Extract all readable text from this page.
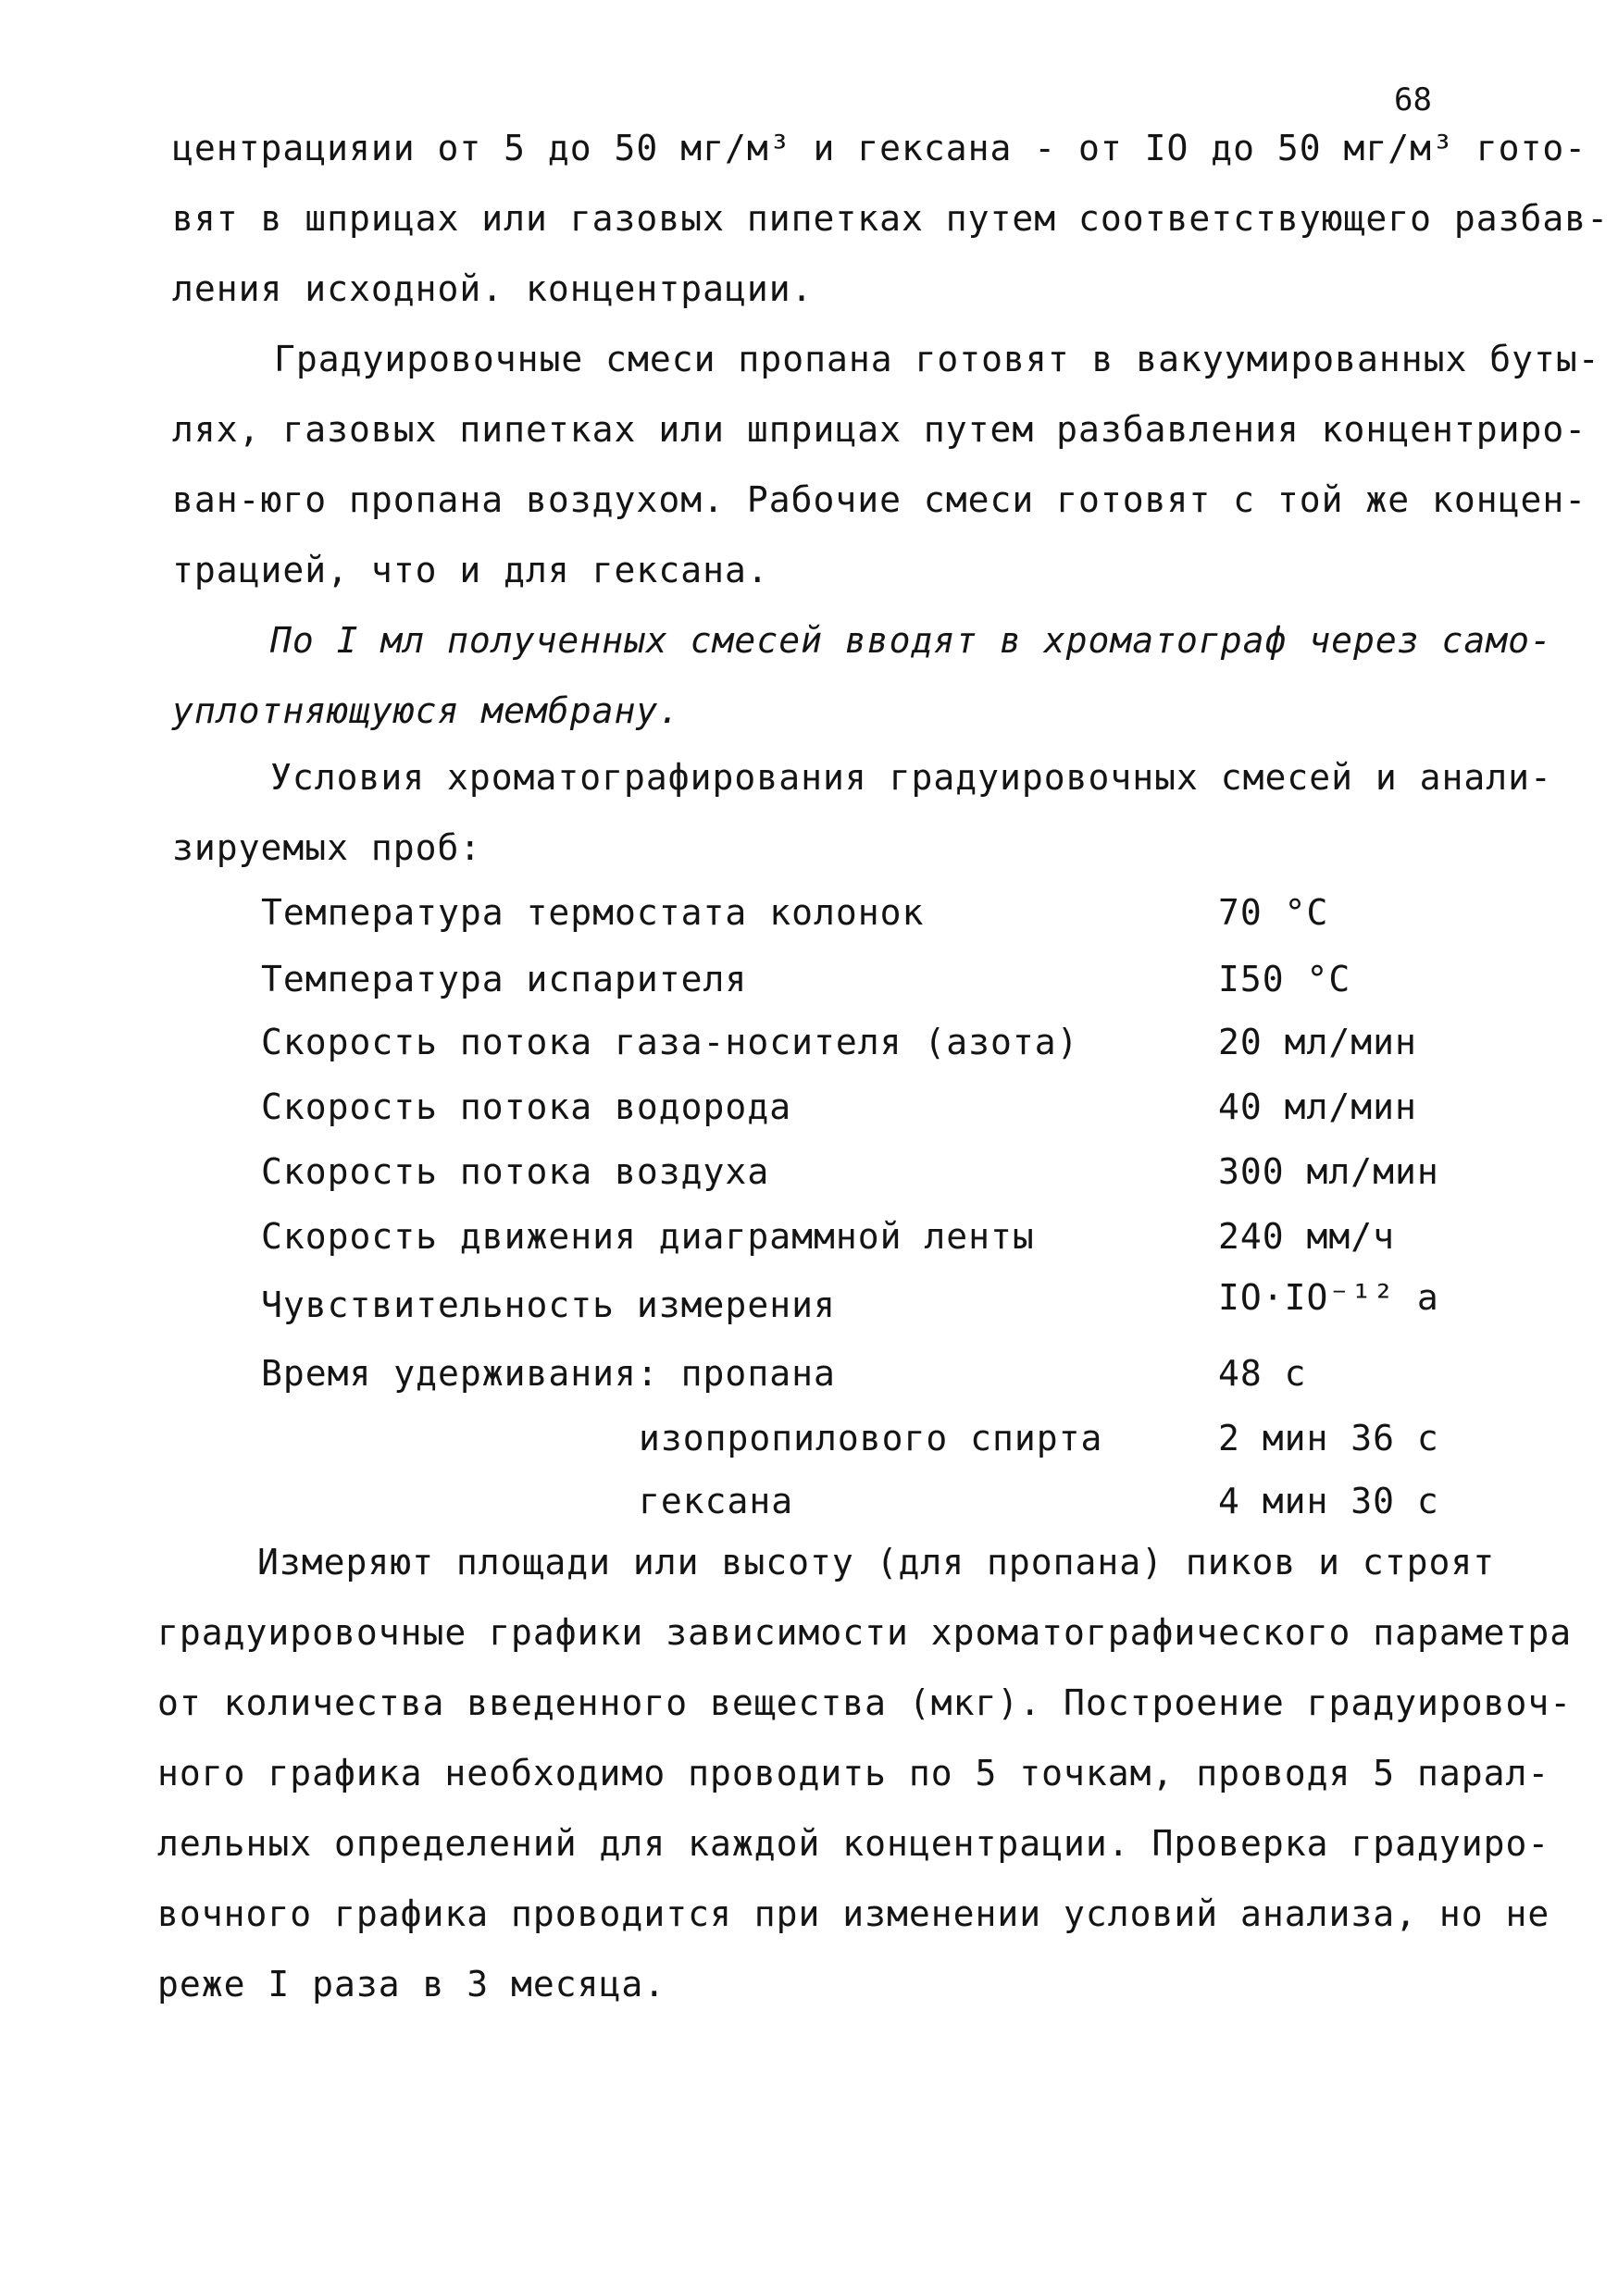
68
центрацияии от 5 до 50 мг/м³ и гексана - от IO до 50 мг/м³ гото-
вят в шприцах или газовых пипетках путем соответствующего разбав-
ления исходной. концентрации.
Градуировочные смеси пропана готовят в вакуумированных буты-
лях, газовых пипетках или шприцах путем разбавления концентриро-
ван-юго пропана воздухом. Рабочие смеси готовят с той же концен-
трацией, что и для гексана.
По I мл полученных смесей вводят в хроматограф через само-
уплотняющуюся мембрану.
Условия хроматографирования градуировочных смесей и анали-
зируемых проб:
Температура термостата колонок	70 °С
Температура испарителя	I50 °С
Скорость потока газа-носителя (азота)	20 мл/мин
Скорость потока водорода	40 мл/мин
Скорость потока воздуха	300 мл/мин
Скорость движения диаграммной ленты	240 мм/ч
Чувствительность измерения	IO·IO⁻¹² а
Время удерживания: пропана	48 с
изопропилового спирта	2 мин 36 с
гексана	4 мин 30 с
Измеряют площади или высоту (для пропана) пиков и строят
градуировочные графики зависимости хроматографического параметра
от количества введенного вещества (мкг). Построение градуировоч-
ного графика необходимо проводить по 5 точкам, проводя 5 парал-
лельных определений для каждой концентрации. Проверка градуиро-
вочного графика проводится при изменении условий анализа, но не
реже I раза в 3 месяца.
